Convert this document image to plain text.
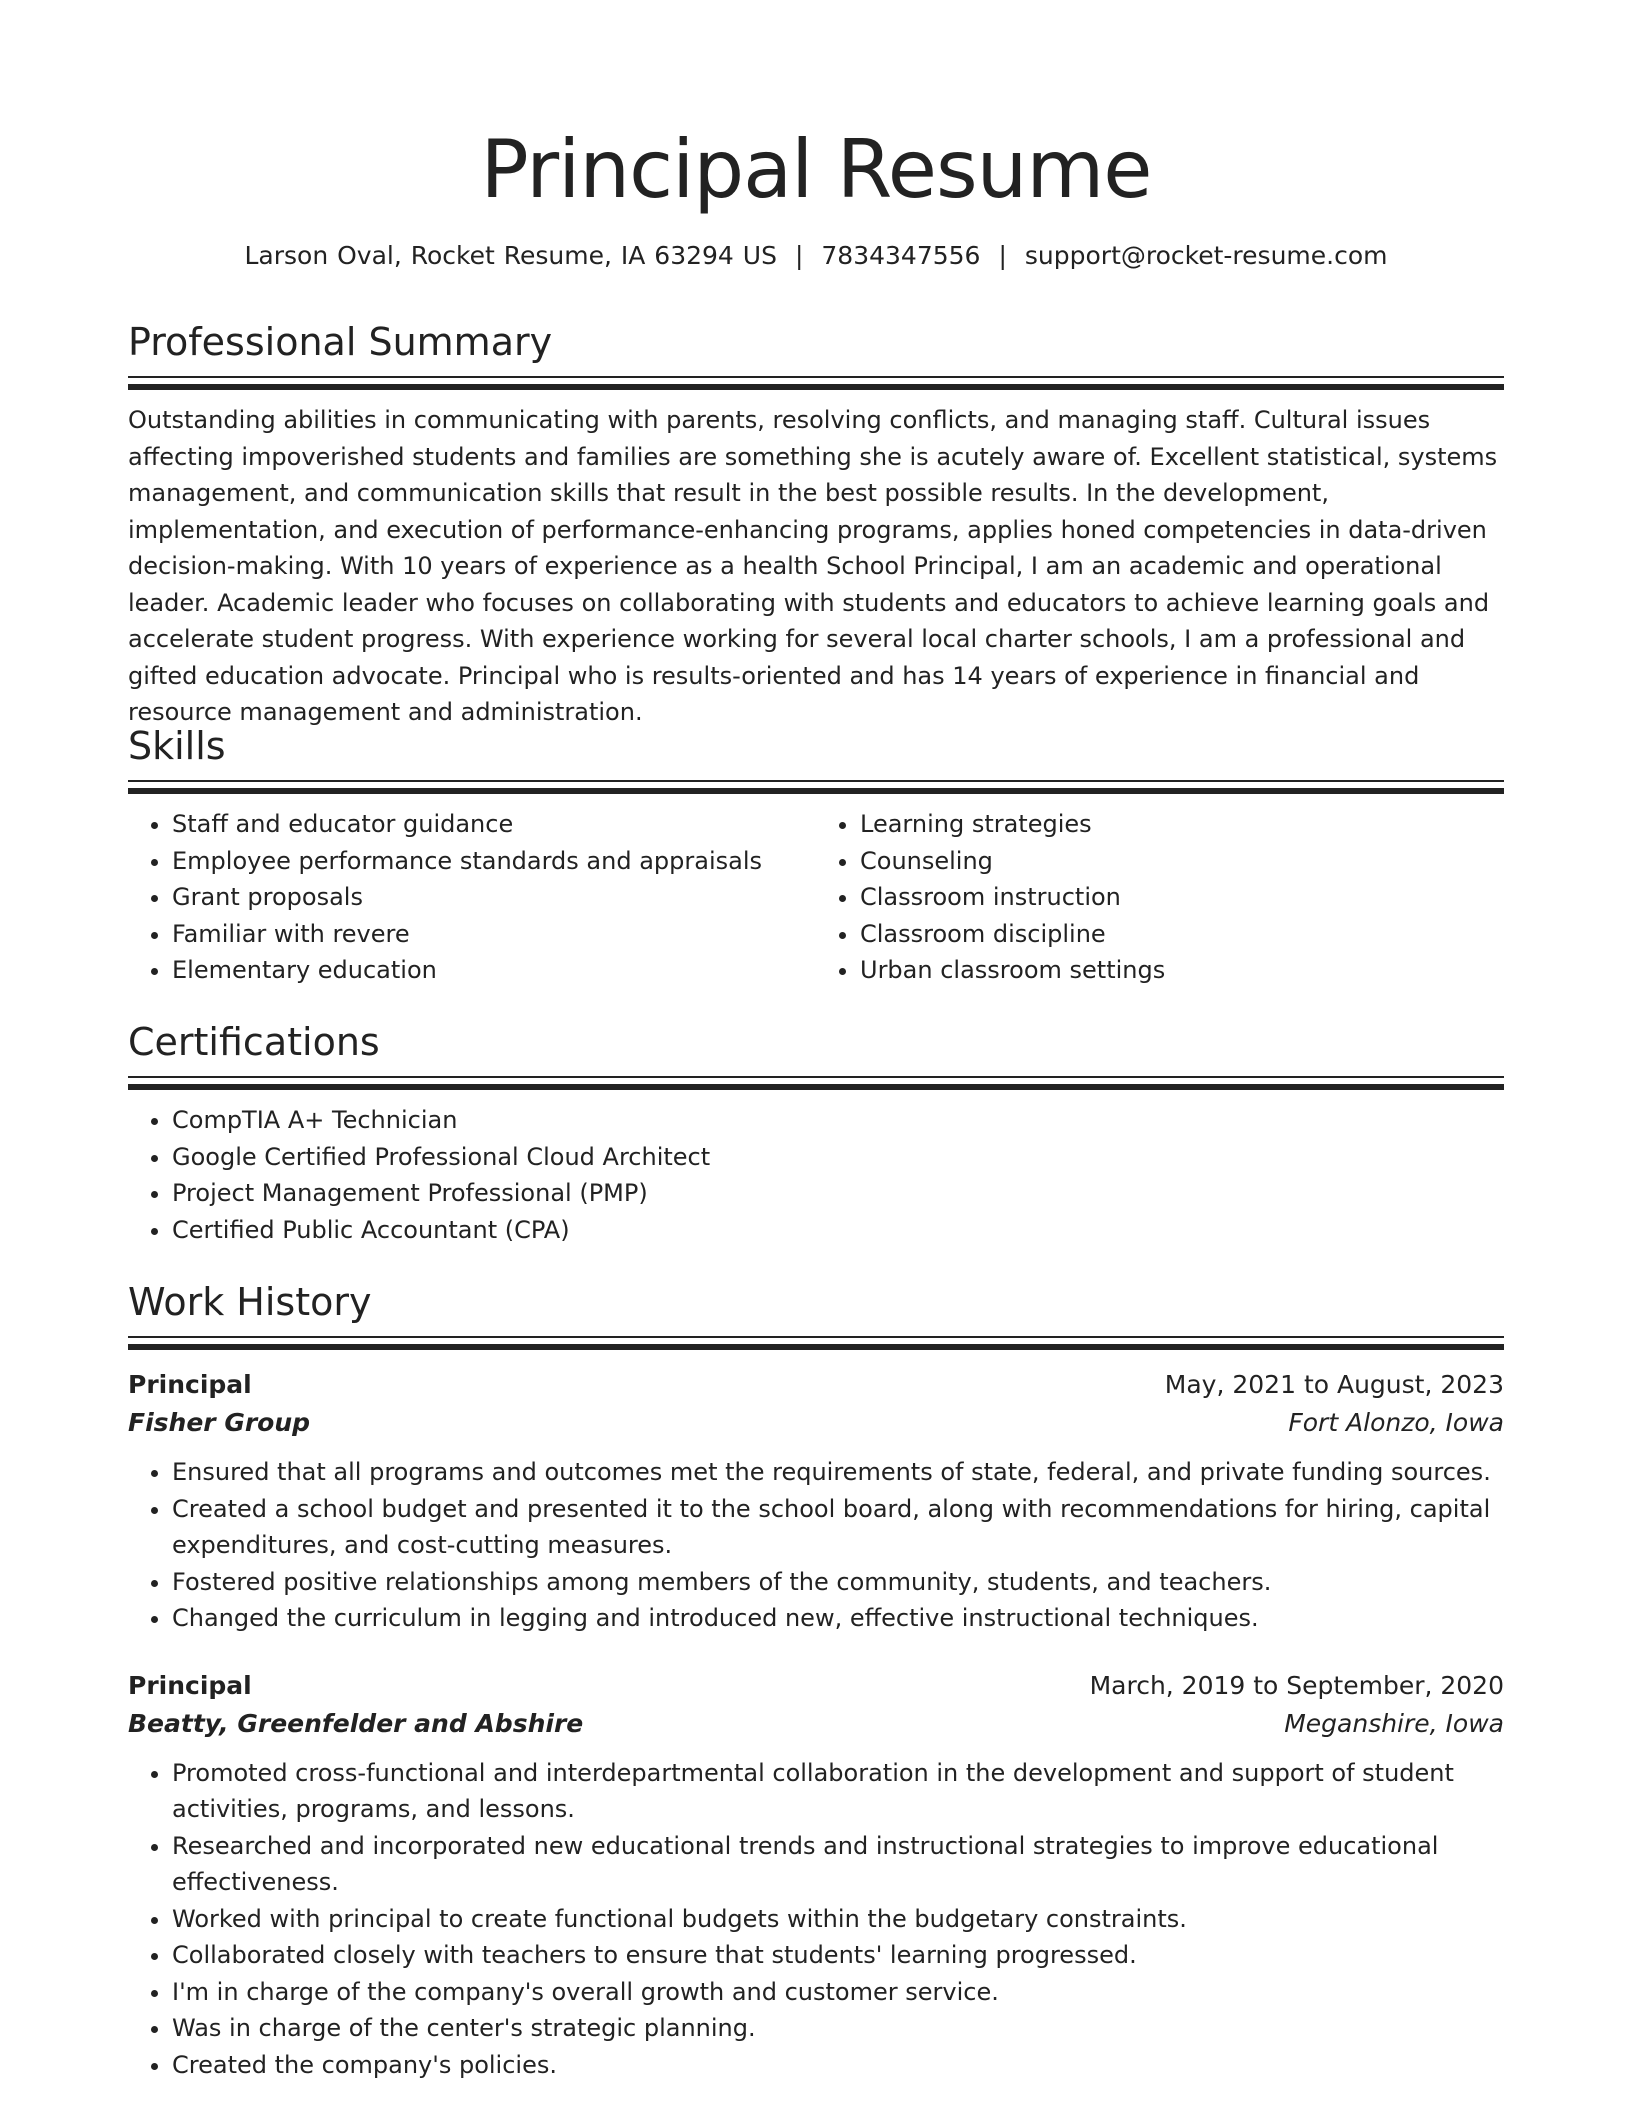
Principal Resume
Larson Oval, Rocket Resume, IA 63294 US | 7834347556 | support@rocket-resume.com
Professional Summary

Outstanding abilities in communicating with parents, resolving conflicts, and managing staff. Cultural issues affecting impoverished students and families are something she is acutely aware of. Excellent statistical, systems management, and communication skills that result in the best possible results. In the development, implementation, and execution of performance-enhancing programs, applies honed competencies in data-driven decision-making. With 10 years of experience as a health School Principal, I am an academic and operational leader. Academic leader who focuses on collaborating with students and educators to achieve learning goals and accelerate student progress. With experience working for several local charter schools, I am a professional and gifted education advocate. Principal who is results-oriented and has 14 years of experience in financial and resource management and administration.

Skills
• Staff and educator guidance
• Employee performance standards and appraisals
• Grant proposals
• Familiar with revere
• Elementary education
• Learning strategies
• Counseling
• Classroom instruction
• Classroom discipline
• Urban classroom settings
Certifications
• CompTIA A+ Technician
• Google Certified Professional Cloud Architect
• Project Management Professional (PMP)
• Certified Public Accountant (CPA)
Work History
Principal	May, 2021 to August, 2023
Fisher Group	Fort Alonzo, Iowa
• Ensured that all programs and outcomes met the requirements of state, federal, and private funding sources.
• Created a school budget and presented it to the school board, along with recommendations for hiring, capital expenditures, and cost-cutting measures.
• Fostered positive relationships among members of the community, students, and teachers.
• Changed the curriculum in legging and introduced new, effective instructional techniques.
Principal	March, 2019 to September, 2020
Beatty, Greenfelder and Abshire	Meganshire, Iowa
• Promoted cross-functional and interdepartmental collaboration in the development and support of student activities, programs, and lessons.
• Researched and incorporated new educational trends and instructional strategies to improve educational effectiveness.
• Worked with principal to create functional budgets within the budgetary constraints.
• Collaborated closely with teachers to ensure that students' learning progressed.
• I'm in charge of the company's overall growth and customer service.
• Was in charge of the center's strategic planning.
• Created the company's policies.
